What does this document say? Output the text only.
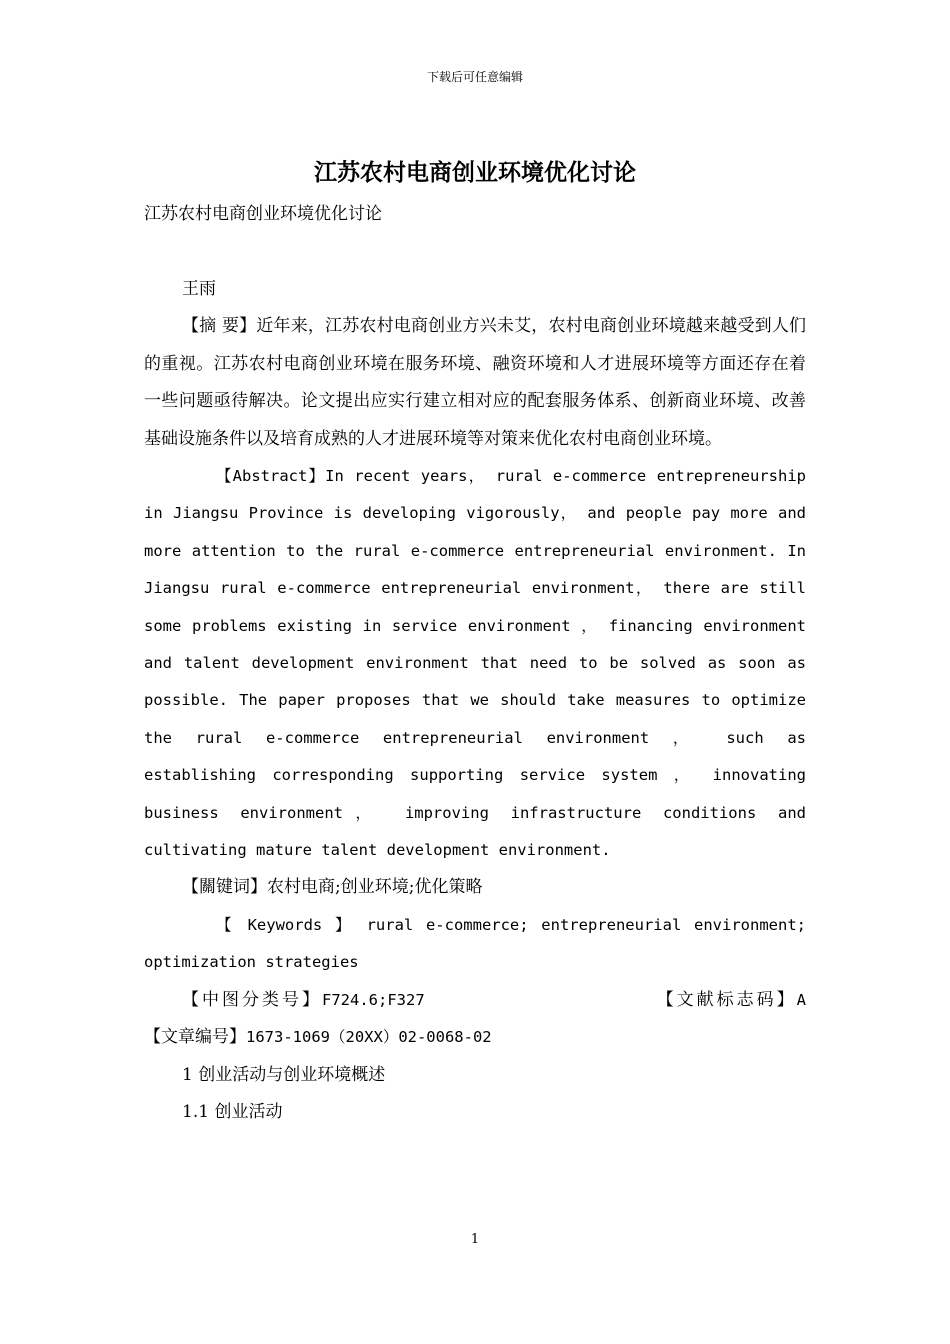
下载后可任意编辑
江苏农村电商创业环境优化讨论

江苏农村电商创业环境优化讨论

王雨

【摘 要】近年来，江苏农村电商创业方兴未艾，农村电商创业环境越来越受到人们的重视。江苏农村电商创业环境在服务环境、融资环境和人才进展环境等方面还存在着一些问题亟待解决。论文提出应实行建立相对应的配套服务体系、创新商业环境、改善基础设施条件以及培育成熟的人才进展环境等对策来优化农村电商创业环境。

【Abstract】In recent years， rural e-commerce entrepreneurship in Jiangsu Province is developing vigorously， and people pay more and more attention to the rural e-commerce entrepreneurial environment. In Jiangsu rural e-commerce entrepreneurial environment， there are still some problems existing in service environment ， financing environment and talent development environment that need to be solved as soon as possible. The paper proposes that we should take measures to optimize the rural e-commerce entrepreneurial environment ， such as establishing corresponding supporting service system ， innovating business environment， improving infrastructure conditions and cultivating mature talent development environment.

【關键词】农村电商;创业环境;优化策略

【 Keywords 】 rural e-commerce; entrepreneurial environment; optimization strategies

【中图分类号】F724.6;F327	【文献标志码】A

【文章编号】1673-1069（20XX）02-0068-02

1 创业活动与创业环境概述

1.1 创业活动

1
